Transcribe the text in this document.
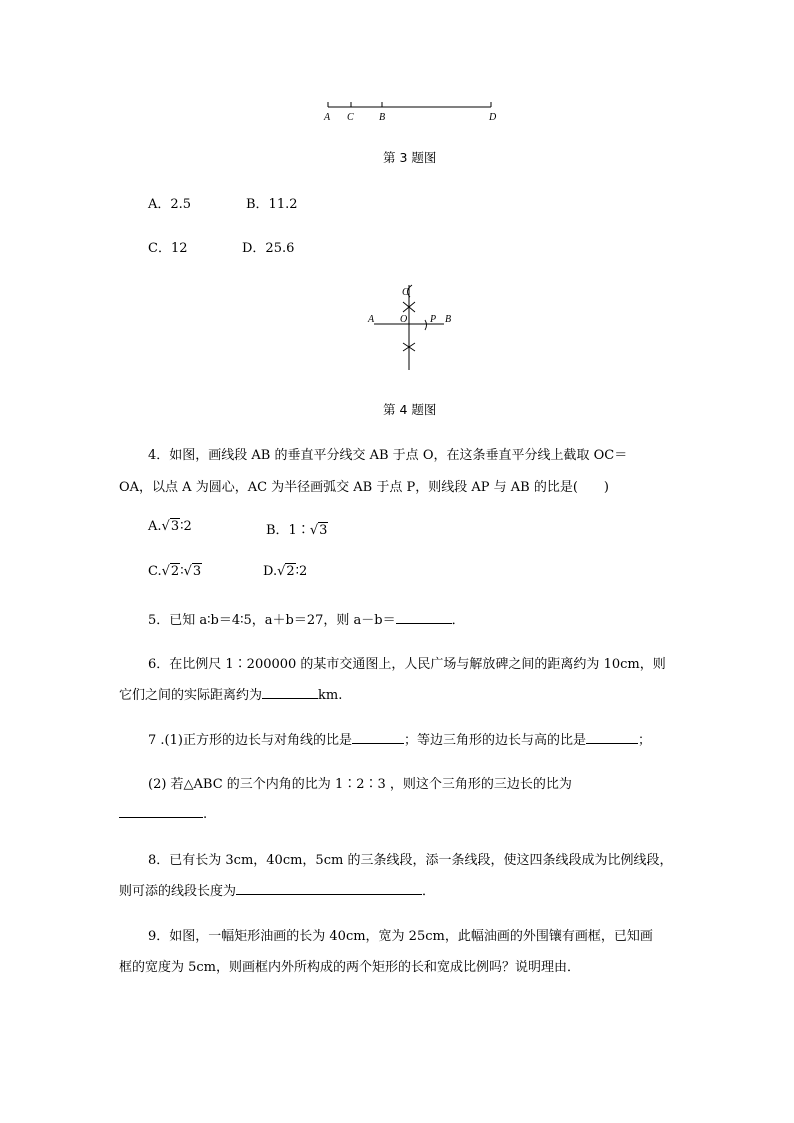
A C	B	D
第 3 题图
A．2.5	B．11.2
C．12	D．25.6
A	O P B
C
第 4 题图
4．如图，画线段 AB 的垂直平分线交 AB 于点 O，在这条垂直平分线上截取 OC＝
OA，以点 A 为圆心，AC 为半径画弧交 AB 于点 P，则线段 AP 与 AB 的比是(　　)
A.√3∶2	B．1∶√3
C.√2∶√3	D.√2∶2
5．已知 a∶b＝4∶5，a＋b＝27，则 a－b＝	．
6．在比例尺 1∶200000 的某市交通图上，人民广场与解放碑之间的距离约为 10cm，则
它们之间的实际距离约为	km.
7 .(1)正方形的边长与对角线的比是	；等边三角形的边长与高的比是	；
(2) 若△ABC 的三个内角的比为 1∶2∶3 ，则这个三角形的三边长的比为
.
8．已有长为 3cm，40cm，5cm 的三条线段，添一条线段，使这四条线段成为比例线段，
则可添的线段长度为	．
9．如图，一幅矩形油画的长为 40cm，宽为 25cm，此幅油画的外围镶有画框，已知画
框的宽度为 5cm，则画框内外所构成的两个矩形的长和宽成比例吗？说明理由．
